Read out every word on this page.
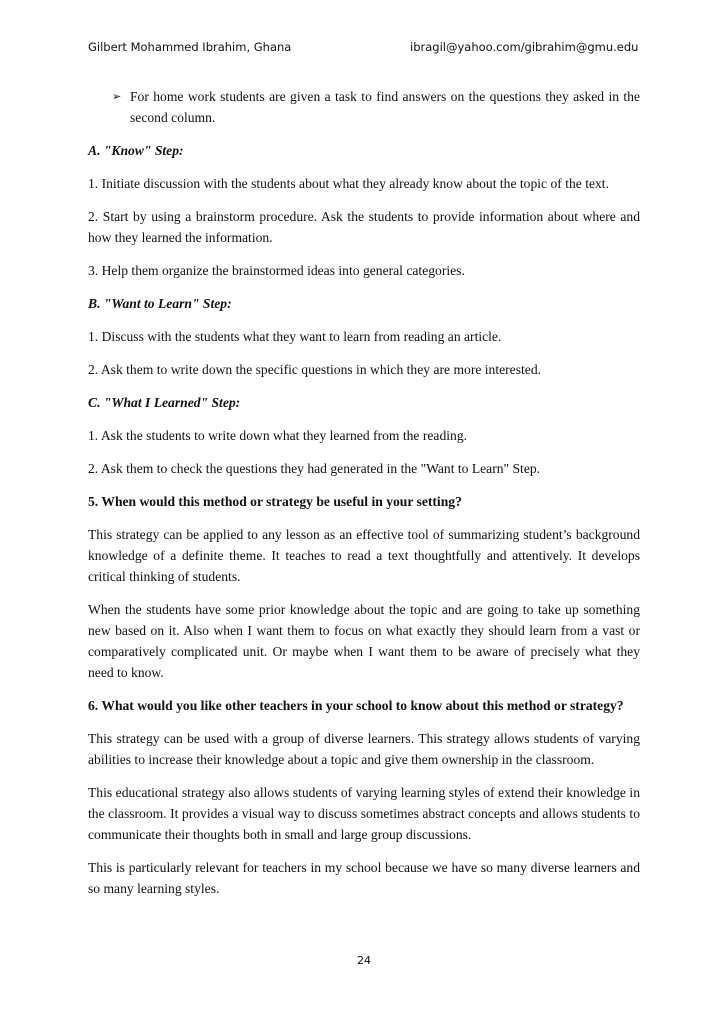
Gilbert Mohammed Ibrahim, Ghana	ibragil@yahoo.com/gibrahim@gmu.edu
➢ For home work students are given a task to find answers on the questions they asked in the second column.

A. "Know" Step:

1. Initiate discussion with the students about what they already know about the topic of the text.

2. Start by using a brainstorm procedure. Ask the students to provide information about where and how they learned the information.

3. Help them organize the brainstormed ideas into general categories.

B. "Want to Learn" Step:

1. Discuss with the students what they want to learn from reading an article.

2. Ask them to write down the specific questions in which they are more interested.

C. "What I Learned" Step:

1. Ask the students to write down what they learned from the reading.

2. Ask them to check the questions they had generated in the "Want to Learn" Step.

5. When would this method or strategy be useful in your setting?

This strategy can be applied to any lesson as an effective tool of summarizing student’s background knowledge of a definite theme. It teaches to read a text thoughtfully and attentively. It develops critical thinking of students.

When the students have some prior knowledge about the topic and are going to take up something new based on it. Also when I want them to focus on what exactly they should learn from a vast or comparatively complicated unit. Or maybe when I want them to be aware of precisely what they need to know.

6. What would you like other teachers in your school to know about this method or strategy?

This strategy can be used with a group of diverse learners. This strategy allows students of varying abilities to increase their knowledge about a topic and give them ownership in the classroom.

This educational strategy also allows students of varying learning styles of extend their knowledge in the classroom. It provides a visual way to discuss sometimes abstract concepts and allows students to communicate their thoughts both in small and large group discussions.

This is particularly relevant for teachers in my school because we have so many diverse learners and so many learning styles.

24
